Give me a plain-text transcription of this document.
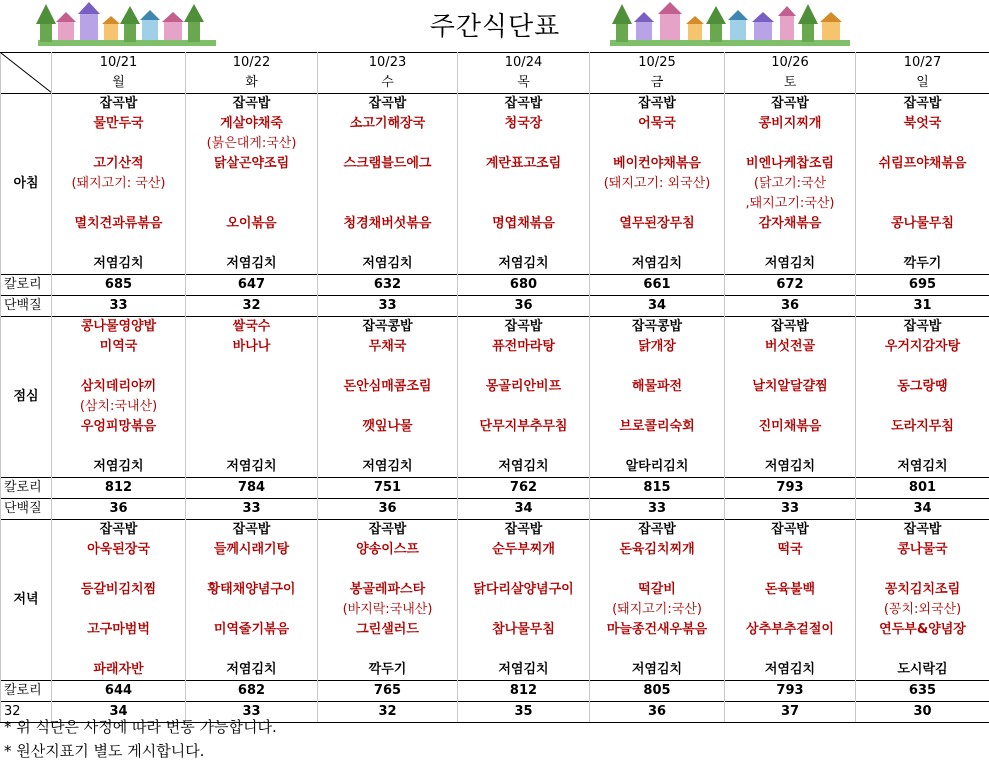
주간식단표
	10/21	10/22	10/23	10/24	10/25	10/26	10/27
	월	화	수	목	금	토	일
아침	잡곡밥	잡곡밥	잡곡밥	잡곡밥	잡곡밥	잡곡밥	잡곡밥
	물만두국	게살야채죽	소고기해장국	청국장	어묵국	콩비지찌개	북엇국
		(붉은대게:국산)					
	고기산적	닭살곤약조림	스크램블드에그	계란표고조림	베이컨야채볶음	비엔나케찹조림	쉬림프야채볶음
	(돼지고기: 국산)				(돼지고기: 외국산)	(닭고기:국산	
						,돼지고기:국산)	
	멸치견과류볶음	오이볶음	청경채버섯볶음	명엽채볶음	열무된장무침	감자채볶음	콩나물무침

	저염김치	저염김치	저염김치	저염김치	저염김치	저염김치	깍두기
칼로리	685	647	632	680	661	672	695
단백질	33	32	33	36	34	36	31
점심	콩나물영양밥	쌀국수	잡곡콩밥	잡곡밥	잡곡콩밥	잡곡밥	잡곡밥
	미역국	바나나	무채국	퓨전마라탕	닭개장	버섯전골	우거지감자탕

	삼치데리야끼		돈안심매콤조림	몽골리안비프	해물파전	날치알달걀찜	동그랑땡
	(삼치:국내산)						
	우엉피망볶음		깻잎나물	단무지부추무침	브로콜리숙회	진미채볶음	도라지무침

	저염김치	저염김치	저염김치	저염김치	알타리김치	저염김치	저염김치
칼로리	812	784	751	762	815	793	801
단백질	36	33	36	34	33	33	34
저녁	잡곡밥	잡곡밥	잡곡밥	잡곡밥	잡곡밥	잡곡밥	잡곡밥
	아욱된장국	들께시래기탕	양송이스프	순두부찌개	돈육김치찌개	떡국	콩나물국

	등갈비김치찜	황태채양념구이	봉골레파스타	닭다리살양념구이	떡갈비	돈육불백	꽁치김치조림
			(바지락:국내산)		(돼지고기:국산)		(꽁치:외국산)
	고구마범벅	미역줄기볶음	그린샐러드	참나물무침	마늘종건새우볶음	상추부추겉절이	연두부&양념장

	파래자반	저염김치	깍두기	저염김치	저염김치	저염김치	도시락김
칼로리	644	682	765	812	805	793	635
32	34	33	32	35	36	37	30
* 위 식단은 사정에 따라 변동 가능합니다.
* 원산지표기 별도 게시합니다.
